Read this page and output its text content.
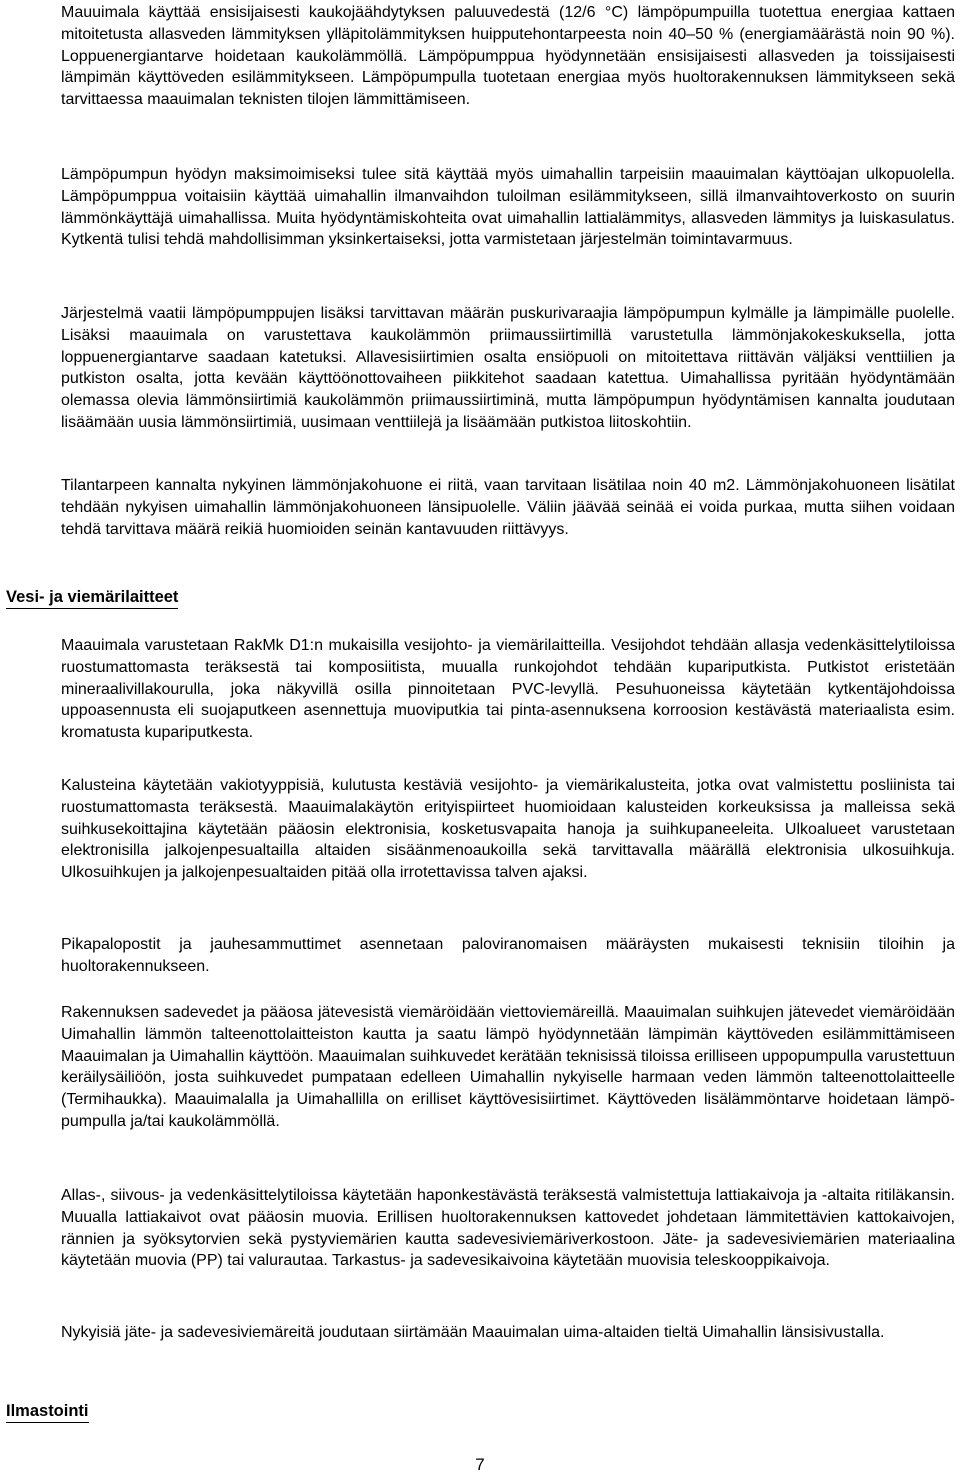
Mauuimala käyttää ensisijaisesti kaukojäähdytyksen paluuvedestä (12/6 °C) lämpöpumpuilla tuotettua energiaa kattaen mitoitetusta allasveden lämmityksen ylläpitolämmityksen huipputehontarpeesta noin 40–50 % (energiamäärästä noin 90 %). Loppuenergiantarve hoidetaan kaukolämmöllä. Lämpöpumppua hyödynnetään ensisijaisesti allasveden ja toissijaisesti lämpimän käyttöveden esilämmitykseen. Lämpöpumpulla tuotetaan energiaa myös huoltorakennuksen lämmitykseen sekä tarvittaessa maauimalan teknisten tilojen lämmittämiseen.

Lämpöpumpun hyödyn maksimoimiseksi tulee sitä käyttää myös uimahallin tarpeisiin maauimalan käyttöajan ulkopuolella. Lämpöpumppua voitaisiin käyttää uimahallin ilmanvaihdon tuloilman esilämmitykseen, sillä ilmanvaihtoverkosto on suurin lämmönkäyttäjä uimahallissa. Muita hyödyntämiskohteita ovat uimahallin lattialämmitys, allasveden lämmitys ja luiskasulatus. Kytkentä tulisi tehdä mahdollisimman yksinkertaiseksi, jotta varmistetaan järjestelmän toimintavarmuus.

Järjestelmä vaatii lämpöpumppujen lisäksi tarvittavan määrän puskurivaraajia lämpöpumpun kylmälle ja lämpimälle puolelle. Lisäksi maauimala on varustettava kaukolämmön priimaussiirtimillä varustetulla lämmönjakokeskuksella, jotta loppuenergiantarve saadaan katetuksi. Allavesisiirtimien osalta ensiöpuoli on mitoitettava riittävän väljäksi venttiilien ja putkiston osalta, jotta kevään käyttöönottovaiheen piikkitehot saadaan katettua. Uimahallissa pyritään hyödyntämään olemassa olevia lämmönsiirtimiä kaukolämmön priimaussiirtiminä, mutta lämpöpumpun hyödyntämisen kannalta joudutaan lisäämään uusia lämmönsiirtimiä, uusimaan venttiilejä ja lisäämään putkistoa liitoskohtiin.

Tilantarpeen kannalta nykyinen lämmönjakohuone ei riitä, vaan tarvitaan lisätilaa noin 40 m2. Lämmönjakohuoneen lisätilat tehdään nykyisen uimahallin lämmönjakohuoneen länsipuolelle. Väliin jäävää seinää ei voida purkaa, mutta siihen voidaan tehdä tarvittava määrä reikiä huomioiden seinän kantavuuden riittävyys.

Vesi- ja viemärilaitteet

Maauimala varustetaan RakMk D1:n mukaisilla vesijohto- ja viemärilaitteilla. Vesijohdot tehdään allasja vedenkäsittelytiloissa ruostumattomasta teräksestä tai komposiitista, muualla runkojohdot tehdään kupariputkista. Putkistot eristetään mineraalivillakourulla, joka näkyvillä osilla pinnoitetaan PVC-levyllä. Pesuhuoneissa käytetään kytkentäjohdoissa uppoasennusta eli suojaputkeen asennettuja muoviputkia tai pinta-asennuksena korroosion kestävästä materiaalista esim. kromatusta kupariputkesta.

Kalusteina käytetään vakiotyyppisiä, kulutusta kestäviä vesijohto- ja viemärikalusteita, jotka ovat valmistettu posliinista tai ruostumattomasta teräksestä. Maauimalakäytön erityispiirteet huomioidaan kalusteiden korkeuksissa ja malleissa sekä suihkusekoittajina käytetään pääosin elektronisia, kosketusvapaita hanoja ja suihkupaneeleita. Ulkoalueet varustetaan elektronisilla jalkojenpesualtailla altaiden sisäänmenoaukoilla sekä tarvittavalla määrällä elektronisia ulkosuihkuja. Ulkosuihkujen ja jalkojenpesualtaiden pitää olla irrotettavissa talven ajaksi.

Pikapalopostit ja jauhesammuttimet asennetaan paloviranomaisen määräysten mukaisesti teknisiin tiloihin ja huoltorakennukseen.

Rakennuksen sadevedet ja pääosa jätevesistä viemäröidään viettoviemäreillä. Maauimalan suihkujen jätevedet viemäröidään Uimahallin lämmön talteenottolaitteiston kautta ja saatu lämpö hyödynnetään lämpimän käyttöveden esilämmittämiseen Maauimalan ja Uimahallin käyttöön. Maauimalan suihkuvedet kerätään teknisissä tiloissa erilliseen uppopumpulla varustettuun keräilysäiliöön, josta suihkuvedet pumpataan edelleen Uimahallin nykyiselle harmaan veden lämmön talteenottolaitteelle (Termihaukka). Maauimalalla ja Uimahallilla on erilliset käyttövesisiirtimet. Käyttöveden lisälämmöntarve hoidetaan lämpöpumpulla ja/tai kaukolämmöllä.

Allas-, siivous- ja vedenkäsittelytiloissa käytetään haponkestävästä teräksestä valmistettuja lattiakaivoja ja -altaita ritiläkansin. Muualla lattiakaivot ovat pääosin muovia. Erillisen huoltorakennuksen kattovedet johdetaan lämmitettävien kattokaivojen, rännien ja syöksytorvien sekä pystyviemärien kautta sadevesiviemäriverkostoon. Jäte- ja sadevesiviemärien materiaalina käytetään muovia (PP) tai valurautaa. Tarkastus- ja sadevesikaivoina käytetään muovisia teleskooppikaivoja.

Nykyisiä jäte- ja sadevesiviemäreitä joudutaan siirtämään Maauimalan uima-altaiden tieltä Uimahallin länsisivustalla.

Ilmastointi
7
